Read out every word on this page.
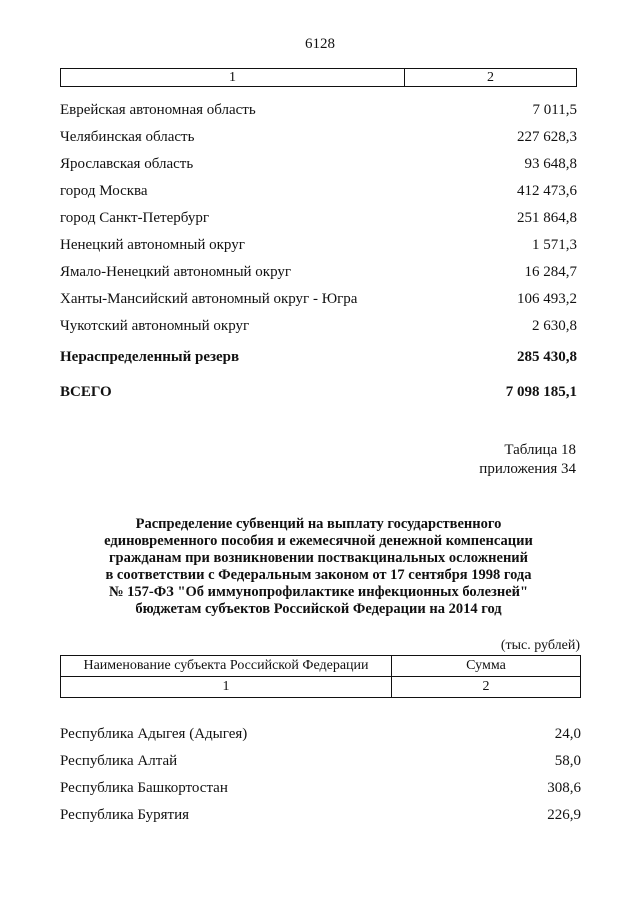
6128
1	2
Еврейская автономная область	7 011,5
Челябинская область	227 628,3
Ярославская область	93 648,8
город Москва	412 473,6
город Санкт-Петербург	251 864,8
Ненецкий автономный округ	1 571,3
Ямало-Ненецкий автономный округ	16 284,7
Ханты-Мансийский автономный округ - Югра	106 493,2
Чукотский автономный округ	2 630,8
Нераспределенный резерв	285 430,8
ВСЕГО	7 098 185,1
Таблица 18
приложения 34
Распределение субвенций на выплату государственного
единовременного пособия и ежемесячной денежной компенсации
гражданам при возникновении поствакцинальных осложнений
в соответствии с Федеральным законом от 17 сентября 1998 года
№ 157-ФЗ "Об иммунопрофилактике инфекционных болезней"
бюджетам субъектов Российской Федерации на 2014 год
(тыс. рублей)
Наименование субъекта Российской Федерации	Сумма
1	2
Республика Адыгея (Адыгея)	24,0
Республика Алтай	58,0
Республика Башкортостан	308,6
Республика Бурятия	226,9
